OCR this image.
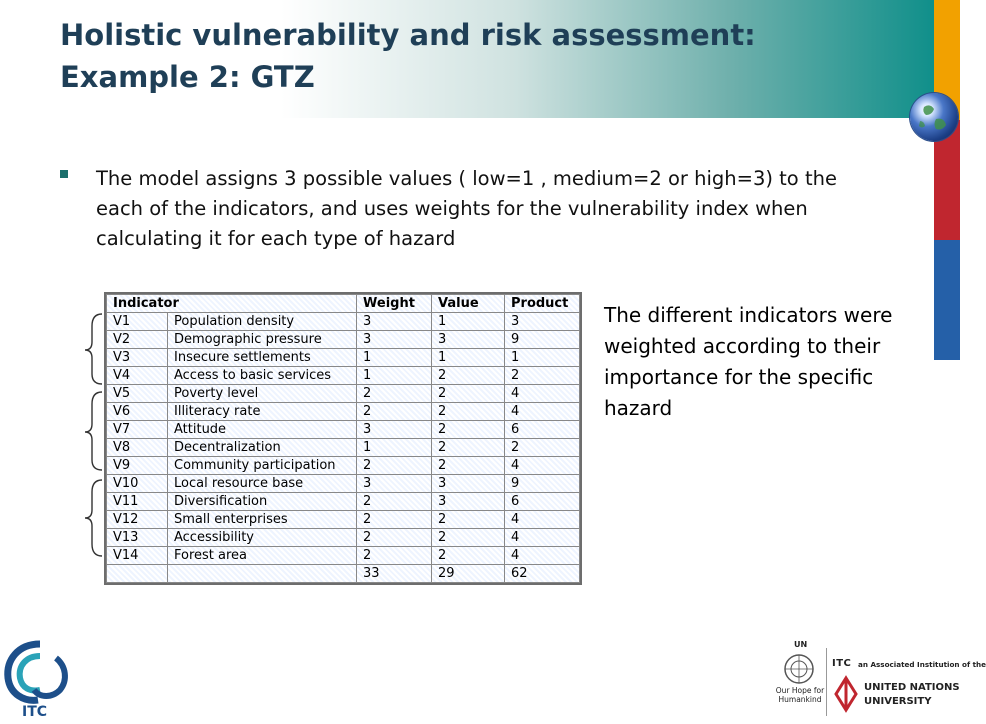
Holistic vulnerability and risk assessment:
Example 2: GTZ

The model assigns 3 possible values ( low=1 , medium=2 or high=3) to the each of the indicators, and uses weights for the vulnerability index when calculating it for each type of hazard

Indicator		Weight	Value	Product
V1	Population density	3	1	3
V2	Demographic pressure	3	3	9
V3	Insecure settlements	1	1	1
V4	Access to basic services	1	2	2
V5	Poverty level	2	2	4
V6	Illiteracy rate	2	2	4
V7	Attitude	3	2	6
V8	Decentralization	1	2	2
V9	Community participation	2	2	4
V10	Local resource base	3	3	9
V11	Diversification	2	3	6
V12	Small enterprises	2	2	4
V13	Accessibility	2	2	4
V14	Forest area	2	2	4
		33	29	62

The different indicators were weighted according to their importance for the specific hazard

ITC

UN

Our Hope for Humankind

ITC an Associated Institution of the

UNITED NATIONS

UNIVERSITY
